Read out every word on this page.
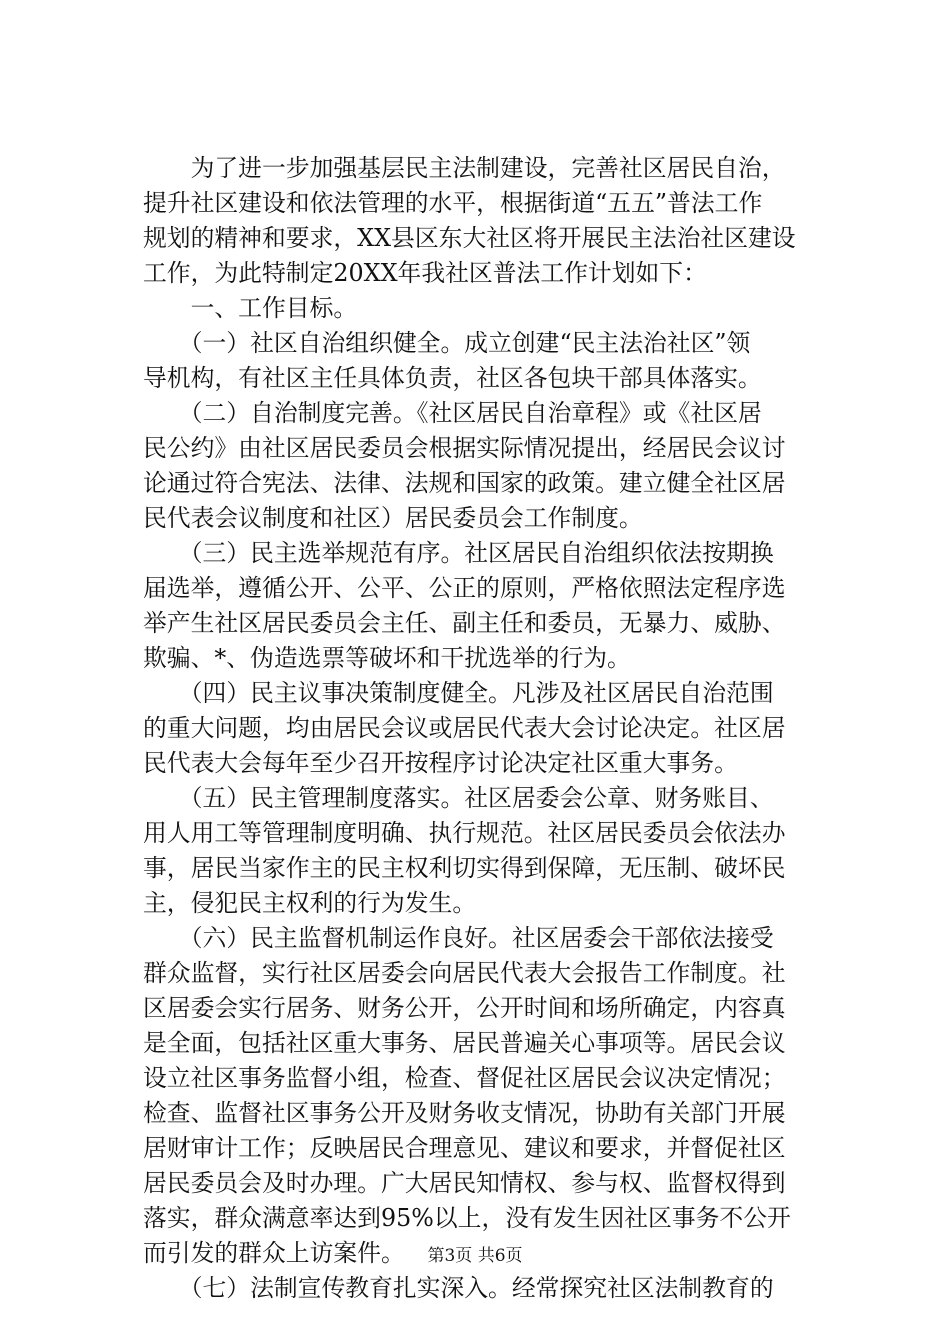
　　为了进一步加强基层民主法制建设，完善社区居民自治，
提升社区建设和依法管理的水平，根据街道“五五”普法工作
规划的精神和要求，XX县区东大社区将开展民主法治社区建设
工作，为此特制定20XX年我社区普法工作计划如下：
　　一、工作目标。
　　（一）社区自治组织健全。成立创建“民主法治社区”领
导机构，有社区主任具体负责，社区各包块干部具体落实。
　　（二）自治制度完善。《社区居民自治章程》或《社区居
民公约》由社区居民委员会根据实际情况提出，经居民会议讨
论通过符合宪法、法律、法规和国家的政策。建立健全社区居
民代表会议制度和社区）居民委员会工作制度。
　　（三）民主选举规范有序。社区居民自治组织依法按期换
届选举，遵循公开、公平、公正的原则，严格依照法定程序选
举产生社区居民委员会主任、副主任和委员，无暴力、威胁、
欺骗、*、伪造选票等破坏和干扰选举的行为。
　　（四）民主议事决策制度健全。凡涉及社区居民自治范围
的重大问题，均由居民会议或居民代表大会讨论决定。社区居
民代表大会每年至少召开按程序讨论决定社区重大事务。
　　（五）民主管理制度落实。社区居委会公章、财务账目、
用人用工等管理制度明确、执行规范。社区居民委员会依法办
事，居民当家作主的民主权利切实得到保障，无压制、破坏民
主，侵犯民主权利的行为发生。
　　（六）民主监督机制运作良好。社区居委会干部依法接受
群众监督，实行社区居委会向居民代表大会报告工作制度。社
区居委会实行居务、财务公开，公开时间和场所确定，内容真
是全面，包括社区重大事务、居民普遍关心事项等。居民会议
设立社区事务监督小组，检查、督促社区居民会议决定情况；
检查、监督社区事务公开及财务收支情况，协助有关部门开展
居财审计工作；反映居民合理意见、建议和要求，并督促社区
居民委员会及时办理。广大居民知情权、参与权、监督权得到
落实，群众满意率达到95%以上，没有发生因社区事务不公开
而引发的群众上访案件。
　　（七）法制宣传教育扎实深入。经常探究社区法制教育的
第3页 共6页
